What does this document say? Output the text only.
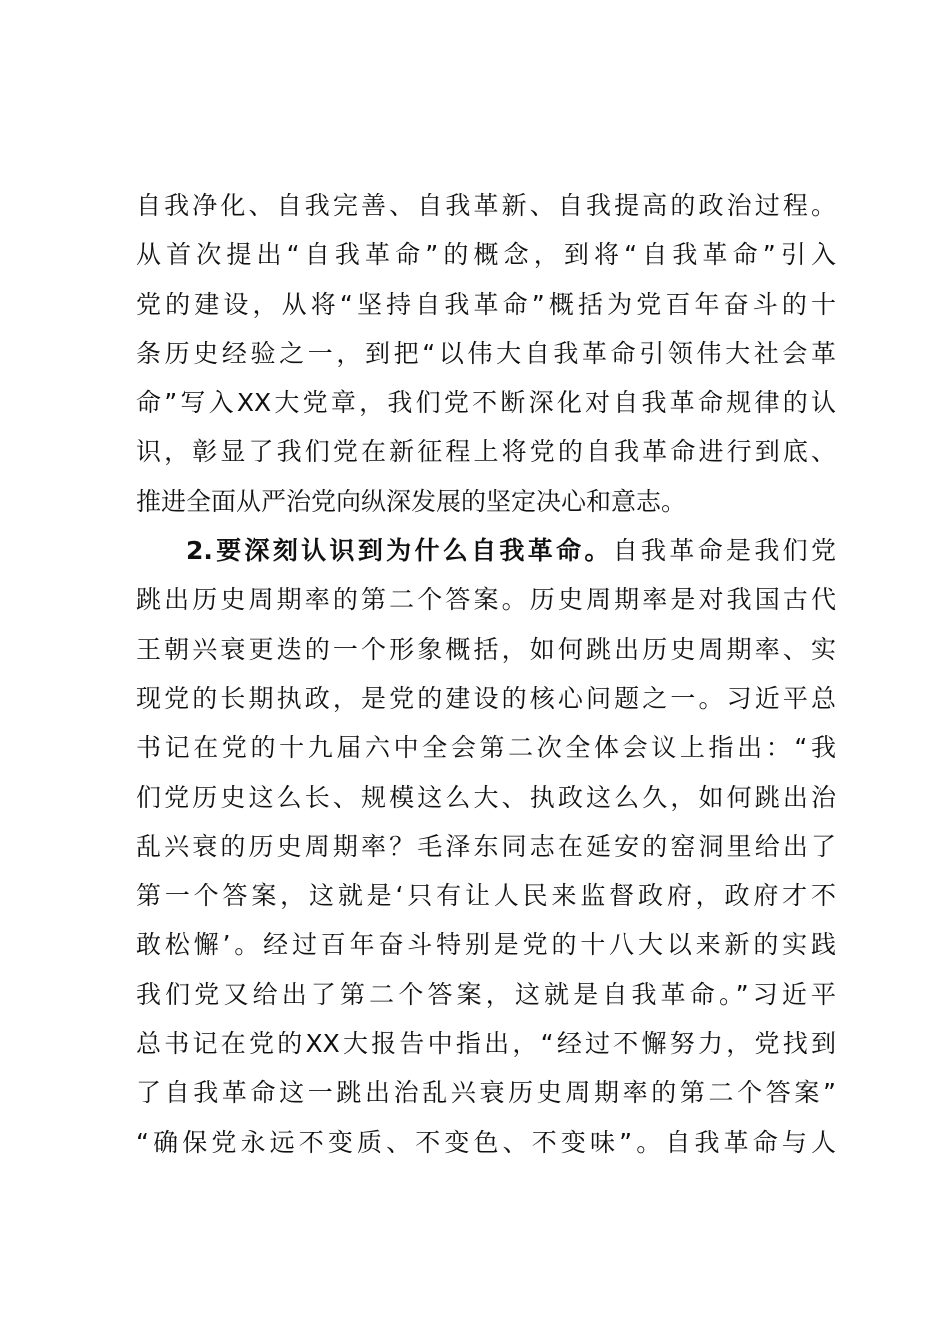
自我净化、自我完善、自我革新、自我提高的政治过程。
从首次提出“自我革命”的概念，到将“自我革命”引入
党的建设，从将“坚持自我革命”概括为党百年奋斗的十
条历史经验之一，到把“以伟大自我革命引领伟大社会革
命”写入XX大党章，我们党不断深化对自我革命规律的认
识，彰显了我们党在新征程上将党的自我革命进行到底、
推进全面从严治党向纵深发展的坚定决心和意志。
2.要深刻认识到为什么自我革命。自我革命是我们党
跳出历史周期率的第二个答案。历史周期率是对我国古代
王朝兴衰更迭的一个形象概括，如何跳出历史周期率、实
现党的长期执政，是党的建设的核心问题之一。习近平总
书记在党的十九届六中全会第二次全体会议上指出：“我
们党历史这么长、规模这么大、执政这么久，如何跳出治
乱兴衰的历史周期率？毛泽东同志在延安的窑洞里给出了
第一个答案，这就是‘只有让人民来监督政府，政府才不
敢松懈’。经过百年奋斗特别是党的十八大以来新的实践
我们党又给出了第二个答案，这就是自我革命。”习近平
总书记在党的XX大报告中指出，“经过不懈努力，党找到
了自我革命这一跳出治乱兴衰历史周期率的第二个答案”
“确保党永远不变质、不变色、不变味”。自我革命与人
